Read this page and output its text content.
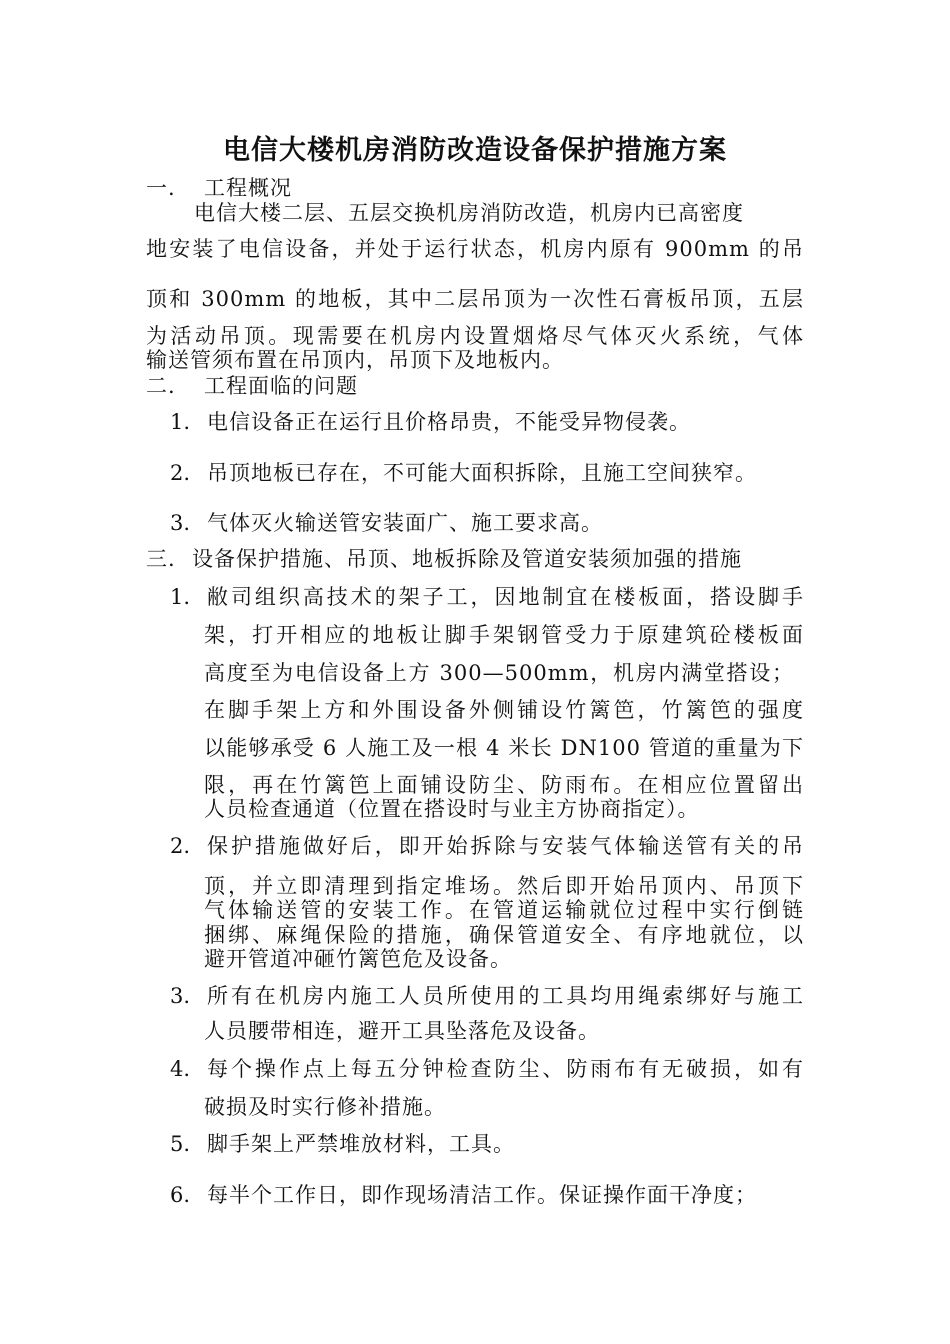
电信大楼机房消防改造设备保护措施方案
一. 工程概况
电信大楼二层、五层交换机房消防改造，机房内已高密度
地安装了电信设备，并处于运行状态，机房内原有 900mm 的吊
顶和 300mm 的地板，其中二层吊顶为一次性石膏板吊顶，五层
为活动吊顶。现需要在机房内设置烟烙尽气体灭火系统，气体
输送管须布置在吊顶内，吊顶下及地板内。
二. 工程面临的问题
1. 电信设备正在运行且价格昂贵，不能受异物侵袭。
2. 吊顶地板已存在，不可能大面积拆除，且施工空间狭窄。
3. 气体灭火输送管安装面广、施工要求高。
三. 设备保护措施、吊顶、地板拆除及管道安装须加强的措施
1. 敝司组织高技术的架子工，因地制宜在楼板面，搭设脚手
架，打开相应的地板让脚手架钢管受力于原建筑砼楼板面
高度至为电信设备上方 300—500mm，机房内满堂搭设；
在脚手架上方和外围设备外侧铺设竹篱笆，竹篱笆的强度
以能够承受 6 人施工及一根 4 米长 DN100 管道的重量为下
限，再在竹篱笆上面铺设防尘、防雨布。在相应位置留出
人员检查通道（位置在搭设时与业主方协商指定）。
2. 保护措施做好后，即开始拆除与安装气体输送管有关的吊
顶，并立即清理到指定堆场。然后即开始吊顶内、吊顶下
气体输送管的安装工作。在管道运输就位过程中实行倒链
捆绑、麻绳保险的措施，确保管道安全、有序地就位，以
避开管道冲砸竹篱笆危及设备。
3. 所有在机房内施工人员所使用的工具均用绳索绑好与施工
人员腰带相连，避开工具坠落危及设备。
4. 每个操作点上每五分钟检查防尘、防雨布有无破损，如有
破损及时实行修补措施。
5. 脚手架上严禁堆放材料，工具。
6. 每半个工作日，即作现场清洁工作。保证操作面干净度；
